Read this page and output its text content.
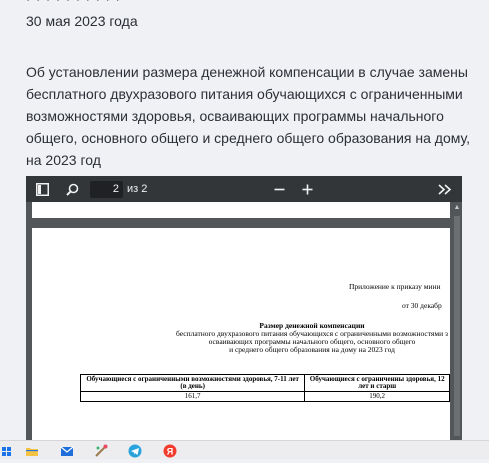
30 мая 2023 года
Об установлении размера денежной компенсации в случае замены бесплатного двухразового питания обучающихся с ограниченными возможностями здоровья, осваивающих программы начального общего, основного общего и среднего общего образования на дому, на 2023 год
2 из 2
▲
Приложение к приказу мини
от 30 декабр
Размер денежной компенсации
бесплатного двухразового питания обучающихся с ограниченными возможностями з
осваивающих программы начального общего, основного общего
и среднего общего образования на дому на 2023 год
Обучающиеся с ограниченными возможностями здоровья, 7-11 лет (в день)	Обучающиеся с ограниченны здоровья, 12 лет и старш
161,7	190,2
Я
